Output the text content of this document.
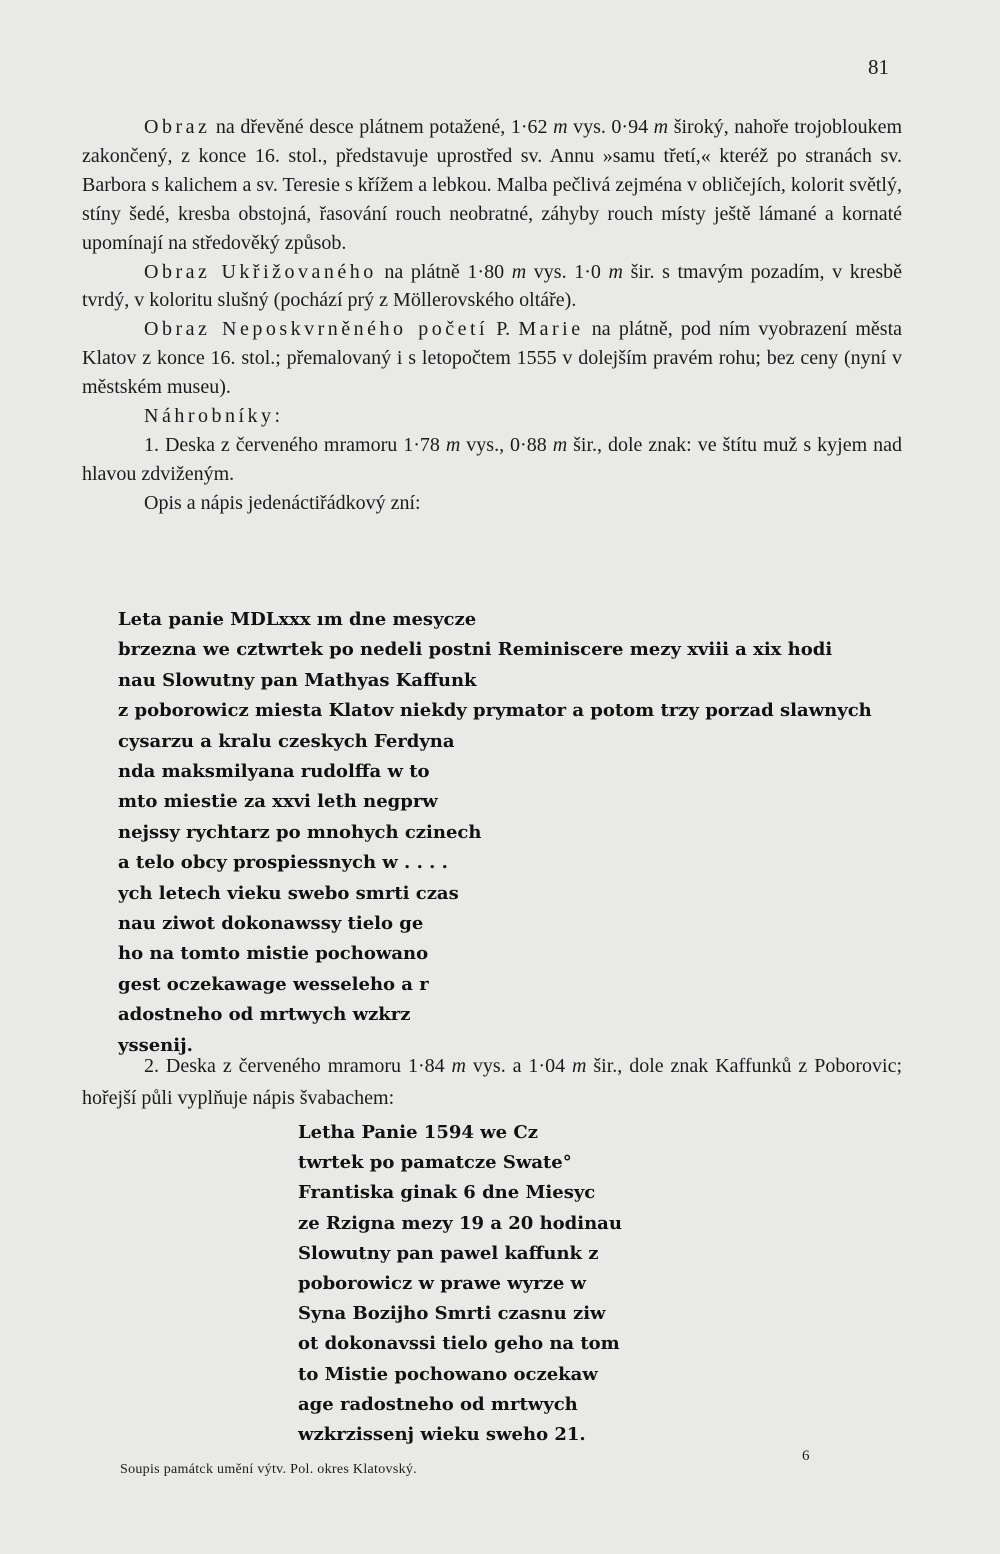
81

Obraz na dřevěné desce plátnem potažené, 1·62 m vys. 0·94 m široký, nahoře trojobloukem zakončený, z konce 16. stol., představuje uprostřed sv. Annu »samu třetí,« kteréž po stranách sv. Barbora s kalichem a sv. Teresie s křížem a lebkou. Malba pečlivá zejména v obličejích, kolorit světlý, stíny šedé, kresba obstojná, řasování rouch neobratné, záhyby rouch místy ještě lámané a kornaté upomínají na středověký způsob.

Obraz Ukřižovaného na plátně 1·80 m vys. 1·0 m šir. s tmavým pozadím, v kresbě tvrdý, v koloritu slušný (pochází prý z Möllerovského oltáře).

Obraz Neposkvrněného početí P. Marie na plátně, pod ním vyobrazení města Klatov z konce 16. stol.; přemalovaný i s letopočtem 1555 v dolejším pravém rohu; bez ceny (nyní v městském museu).

Náhrobníky:

1. Deska z červeného mramoru 1·78 m vys., 0·88 m šir., dole znak: ve štítu muž s kyjem nad hlavou zdviženým.

Opis a nápis jedenáctiřádkový zní:

Leta panie MDLxxx ım dne mesycze
brzezna we cztwrtek po nedeli postni Reminiscere mezy xviii a xix hodi
nau Slowutny pan Mathyas Kaffunk
z poborowicz miesta Klatov niekdy prymator a potom trzy porzad slawnych
cysarzu a kralu czeskych Ferdyna
nda maksmilyana rudolffa w to
mto miestie za xxvi leth negprw
nejssy rychtarz po mnohych czinech
a telo obcy prospiessnych w . . . .
ych letech vieku swebo smrti czas
nau ziwot dokonawssy tielo ge
ho na tomto mistie pochowano
gest oczekawage wesseleho a r
adostneho od mrtwych wzkrz
yssenij.

2. Deska z červeného mramoru 1·84 m vys. a 1·04 m šir., dole znak Kaffunků z Poborovic; hořejší půli vyplňuje nápis švabachem:

Letha Panie 1594 we Cz
twrtek po pamatcze Swate°
Frantiska ginak 6 dne Miesyc
ze Rzigna mezy 19 a 20 hodinau
Slowutny pan pawel kaffunk z
poborowicz w prawe wyrze w
Syna Bozijho Smrti czasnu ziw
ot dokonavssi tielo geho na tom
to Mistie pochowano oczekaw
age radostneho od mrtwych
wzkrzissenj wieku sweho 21.
Soupis památck umění výtv. Pol. okres Klatovský.
6
